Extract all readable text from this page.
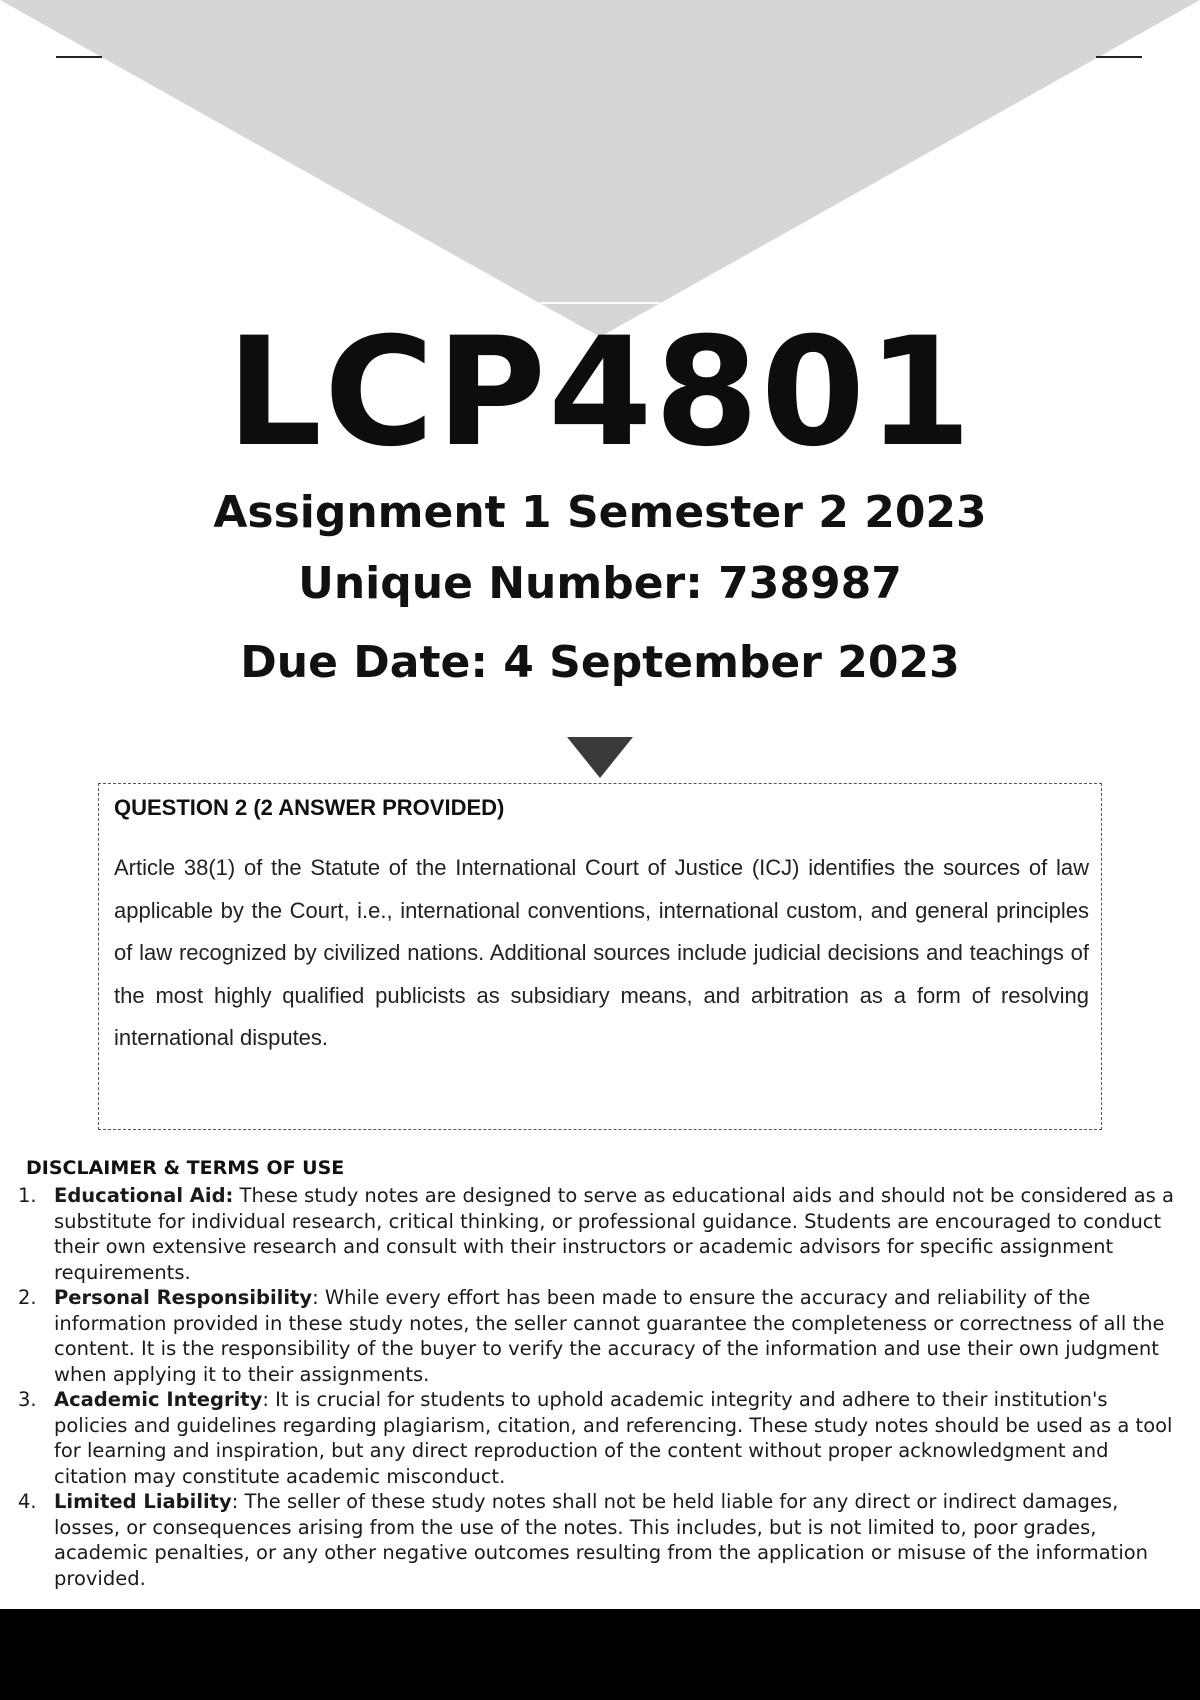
LCP4801
Assignment 1 Semester 2 2023
Unique Number: 738987
Due Date: 4 September 2023
QUESTION 2 (2 ANSWER PROVIDED)
Article 38(1) of the Statute of the International Court of Justice (ICJ) identifies the sources of law applicable by the Court, i.e., international conventions, international custom, and general principles of law recognized by civilized nations. Additional sources include judicial decisions and teachings of the most highly qualified publicists as subsidiary means, and arbitration as a form of resolving international disputes.
DISCLAIMER & TERMS OF USE
1. Educational Aid: These study notes are designed to serve as educational aids and should not be considered as a substitute for individual research, critical thinking, or professional guidance. Students are encouraged to conduct their own extensive research and consult with their instructors or academic advisors for specific assignment requirements.
2. Personal Responsibility: While every effort has been made to ensure the accuracy and reliability of the information provided in these study notes, the seller cannot guarantee the completeness or correctness of all the content. It is the responsibility of the buyer to verify the accuracy of the information and use their own judgment when applying it to their assignments.
3. Academic Integrity: It is crucial for students to uphold academic integrity and adhere to their institution's policies and guidelines regarding plagiarism, citation, and referencing. These study notes should be used as a tool for learning and inspiration, but any direct reproduction of the content without proper acknowledgment and citation may constitute academic misconduct.
4. Limited Liability: The seller of these study notes shall not be held liable for any direct or indirect damages, losses, or consequences arising from the use of the notes. This includes, but is not limited to, poor grades, academic penalties, or any other negative outcomes resulting from the application or misuse of the information provided.
